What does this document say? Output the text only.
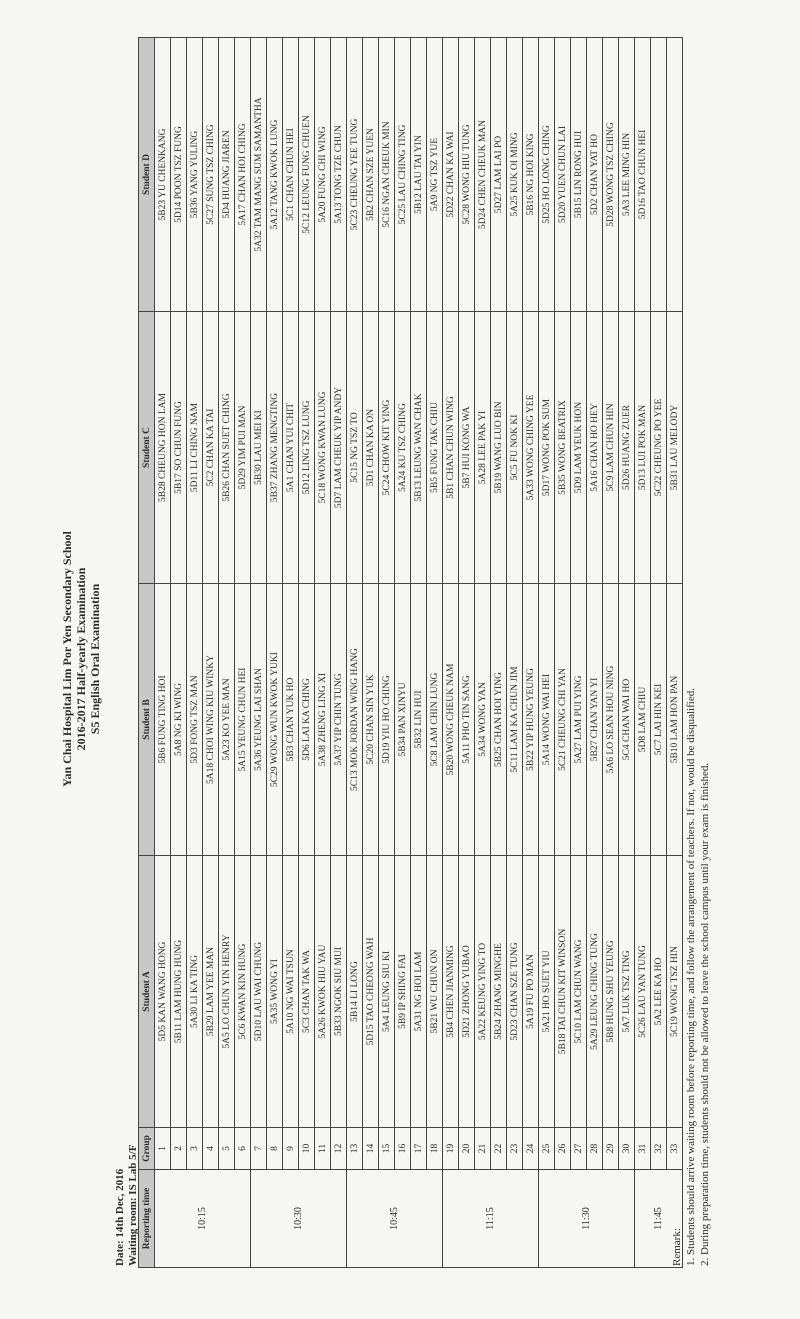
Yan Chai Hospital Lim Por Yen Secondary School 2016-2017 Half-yearly Examination S5 English Oral Examination
Date: 14th Dec, 2016 Waiting room: IS Lab 5/F Reporting time	Group	Student A	Student B	Student C	Student D
10:15	1	5D5 KAN WANG HONG	5B6 FUNG TING HOI	5B28 CHEUNG HON LAM	5B23 YU CHENKANG
	2	5B11 LAM HUNG HUNG	5A8 NG KI WING	5B17 SO CHUN FUNG	5D14 POON TSZ FUNG
	3	5A30 LI KA TING	5D3 FONG TSZ MAN	5D11 LI CHING NAM	5B36 YANG YULING
	4	5B29 LAM YEE MAN	5A18 CHOI WING KIU WINKY	5C2 CHAN KA TAI	5C27 SUNG TSZ CHING
	5	5A5 LO CHUN YIN HENRY	5A23 KO YEE MAN	5B26 CHAN SUET CHING	5D4 HUANG JIAREN
	6	5C6 KWAN KIN HUNG	5A15 YEUNG CHUN HEI	5D29 YIM PUI MAN	5A17 CHAN HOI CHING
10:30	7	5D10 LAU WAI CHUNG	5A36 YEUNG LAI SHAN	5B30 LAU MEI KI	5A32 TAM MANG SUM SAMANTHA
	8	5A35 WONG YI	5C29 WONG WUN KWOK YUKI	5B37 ZHANG MENGTING	5A12 TANG KWOK LUNG
	9	5A10 NG WAI TSUN	5B3 CHAN YUK HO	5A1 CHAN YUI CHIT	5C1 CHAN CHUN HEI
	10	5C3 CHAN TAK WA	5D6 LAI KA CHING	5D12 LING TSZ LUNG	5C12 LEUNG FUNG CHUEN
	11	5A26 KWOK HIU YAU	5A38 ZHENG LING XI	5C18 WONG KWAN LUNG	5A20 FUNG CHI WING
	12	5B33 NGOK SIU MUI	5A37 YIP CHIN TUNG	5D7 LAM CHEUK YIP ANDY	5A13 TONG TZE CHUN
10:45	13	5B14 LI LONG	5C13 MOK JORDAN WING HANG	5C15 NG TSZ TO	5C23 CHEUNG YEE TUNG
	14	5D15 TAO CHEONG WAH	5C20 CHAN SIN YUK	5D1 CHAN KA ON	5B2 CHAN SZE YUEN
	15	5A4 LEUNG SIU KI	5D19 YIU HO CHING	5C24 CHOW KIT YING	5C16 NGAN CHEUK MIN
	16	5B9 IP SHING FAI	5B34 PAN XINYU	5A24 KU TSZ CHING	5C25 LAU CHING TING
	17	5A31 NG HOI LAM	5B32 LIN HUI	5B13 LEUNG WAN CHAK	5B12 LAU TAI YIN
	18	5B21 WU CHUN ON	5C8 LAM CHIN LUNG	5B5 FUNG TAK CHIU	5A9 NG TSZ YUE
11:15	19	5B4 CHEN JIANMING	5B20 WONG CHEUK NAM	5B1 CHAN CHUN WING	5D22 CHAN KA WAI
	20	5D21 ZHONG YUBAO	5A11 PHO TIN SANG	5B7 HUI KONG WA	5C28 WONG HIU TUNG
	21	5A22 KEUNG YING TO	5A34 WONG YAN	5A28 LEE PAK YI	5D24 CHEN CHEUK MAN
	22	5B24 ZHANG MINGHE	5B25 CHAN HOI YING	5B19 WANG LUO BIN	5D27 LAM LAI PO
	23	5D23 CHAN SZE TUNG	5C11 LAM KA CHUN JIM	5C5 FU NOK KI	5A25 KUK OI MING
	24	5A19 FU PO MAN	5B22 YIP HUNG YEUNG	5A33 WONG CHING YEE	5B16 NG HOI KING
11:30	25	5A21 HO SUET YIU	5A14 WONG WAI HEI	5D17 WONG POK SUM	5D25 HO LONG CHING
	26	5B18 TAI CHUN KIT WINSON	5C21 CHEUNG CHI YAN	5B35 WONG BEATRIX	5D20 YUEN CHUN LAI
	27	5C10 LAM CHUN WANG	5A27 LAM PUI YING	5D9 LAM YEUK HON	5B15 LIN RONG HUI
	28	5A29 LEUNG CHING TUNG	5B27 CHAN YAN YI	5A16 CHAN HO HEY	5D2 CHAN YAT HO
	29	5B8 HUNG SHU YEUNG	5A6 LO SEAN HOU NING	5C9 LAM CHUN HIN	5D28 WONG TSZ CHING
	30	5A7 LUK TSZ TING	5C4 CHAN WAI HO	5D26 HUANG ZUER	5A3 LEE MING HIN
11:45	31	5C26 LAU YAN TUNG	5D8 LAM CHIU	5D13 LUI POK MAN	5D16 TAO CHUN HEI
	32	5A2 LEE KA HO	5C7 LAI HIN KEI	5C22 CHEUNG PO YEE	
	33	5C19 WONG TSZ HIN	5B10 LAM HON PAN	5B31 LAU MELODY	
Remark: 1. Students should arrive waiting room before reporting time, and follow the arrangement of teachers. If not, would be disqualified. 2. During preparation time, students should not be allowed to leave the school campus until your exam is finished.
